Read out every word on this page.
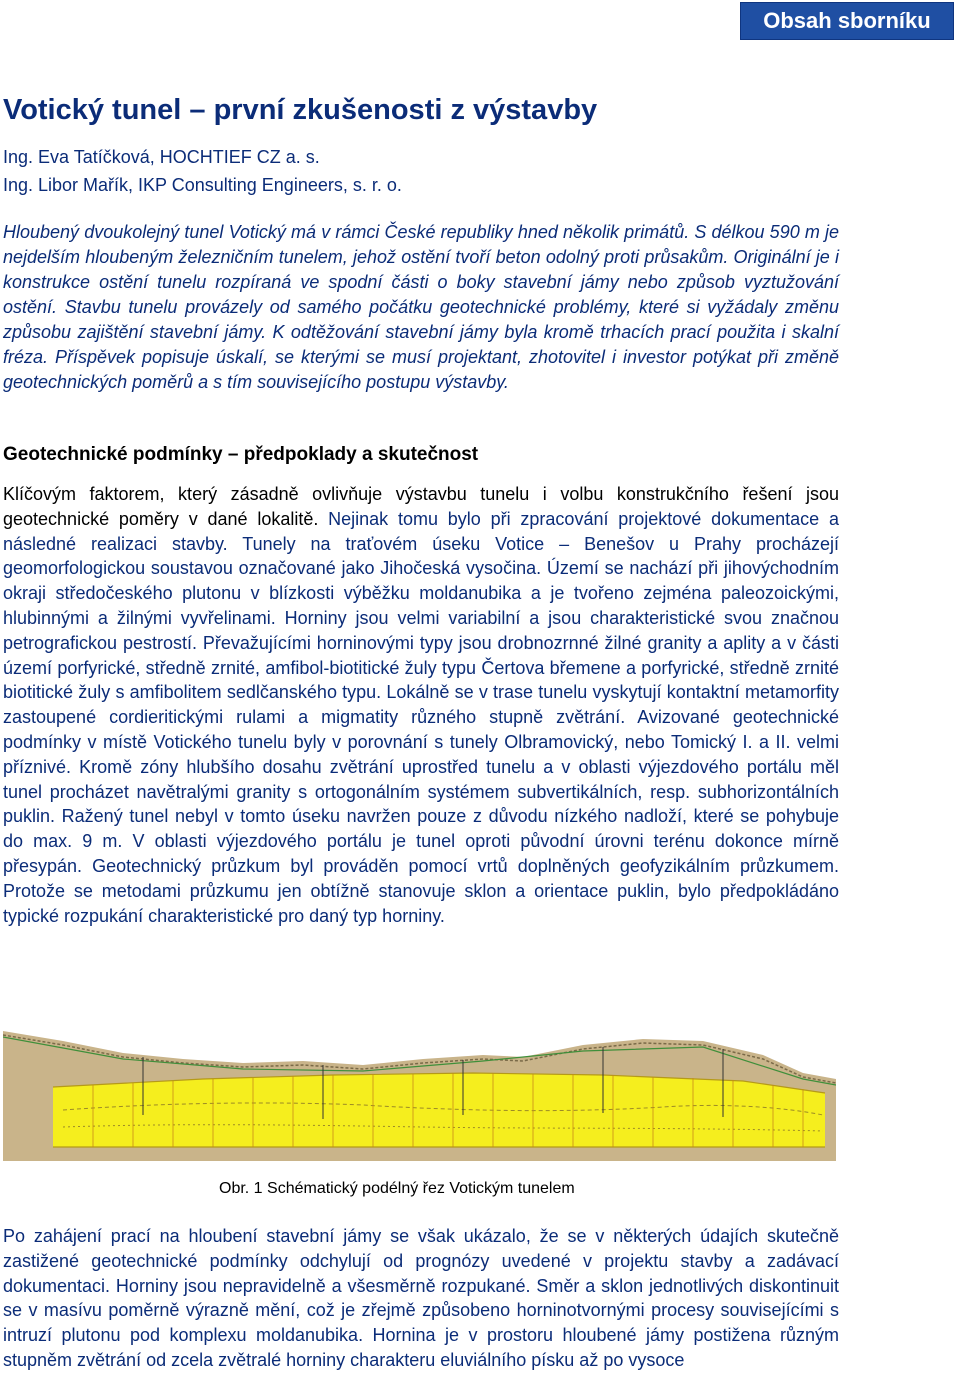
Obsah sborníku
Votický tunel – první zkušenosti z výstavby
Ing. Eva Tatíčková, HOCHTIEF CZ a. s.
Ing. Libor Mařík, IKP Consulting Engineers, s. r. o.

Hloubený dvoukolejný tunel Votický má v rámci České republiky hned několik primátů. S délkou 590 m je nejdelším hloubeným železničním tunelem, jehož ostění tvoří beton odolný proti průsakům. Originální je i konstrukce ostění tunelu rozpíraná ve spodní části o boky stavební jámy nebo způsob vyztužování ostění. Stavbu tunelu provázely od samého počátku geotechnické problémy, které si vyžádaly změnu způsobu zajištění stavební jámy. K odtěžování stavební jámy byla kromě trhacích prací použita i skalní fréza. Příspěvek popisuje úskalí, se kterými se musí projektant, zhotovitel i investor potýkat při změně geotechnických poměrů a s tím souvisejícího postupu výstavby.

Geotechnické podmínky – předpoklady a skutečnost

Klíčovým faktorem, který zásadně ovlivňuje výstavbu tunelu i volbu konstrukčního řešení jsou geotechnické poměry v dané lokalitě. Nejinak tomu bylo při zpracování projektové dokumentace a následné realizaci stavby. Tunely na traťovém úseku Votice – Benešov u Prahy procházejí geomorfologickou soustavou označované jako Jihočeská vysočina. Území se nachází při jihovýchodním okraji středočeského plutonu v blízkosti výběžku moldanubika a je tvořeno zejména paleozoickými, hlubinnými a žilnými vyvřelinami. Horniny jsou velmi variabilní a jsou charakteristické svou značnou petrografickou pestrostí. Převažujícími horninovými typy jsou drobnozrnné žilné granity a aplity a v části území porfyrické, středně zrnité, amfibol-biotitické žuly typu Čertova břemene a porfyrické, středně zrnité biotitické žuly s amfibolitem sedlčanského typu. Lokálně se v trase tunelu vyskytují kontaktní metamorfity zastoupené cordieritickými rulami a migmatity různého stupně zvětrání. Avizované geotechnické podmínky v místě Votického tunelu byly v porovnání s tunely Olbramovický, nebo Tomický I. a II. velmi příznivé. Kromě zóny hlubšího dosahu zvětrání uprostřed tunelu a v oblasti výjezdového portálu měl tunel procházet navětralými granity s ortogonálním systémem subvertikálních, resp. subhorizontálních puklin. Ražený tunel nebyl v tomto úseku navržen pouze z důvodu nízkého nadloží, které se pohybuje do max. 9 m. V oblasti výjezdového portálu je tunel oproti původní úrovni terénu dokonce mírně přesypán. Geotechnický průzkum byl prováděn pomocí vrtů doplněných geofyzikálním průzkumem. Protože se metodami průzkumu jen obtížně stanovuje sklon a orientace puklin, bylo předpokládáno typické rozpukání charakteristické pro daný typ horniny.

Obr. 1 Schématický podélný řez Votickým tunelem

Po zahájení prací na hloubení stavební jámy se však ukázalo, že se v některých údajích skutečně zastižené geotechnické podmínky odchylují od prognózy uvedené v projektu stavby a zadávací dokumentaci. Horniny jsou nepravidelně a všesměrně rozpukané. Směr a sklon jednotlivých diskontinuit se v masívu poměrně výrazně mění, což je zřejmě způsobeno horninotvornými procesy souvisejícími s intruzí plutonu pod komplexu moldanubika. Hornina je v prostoru hloubené jámy postižena různým stupněm zvětrání od zcela zvětralé horniny charakteru eluviálního písku až po vysoce
